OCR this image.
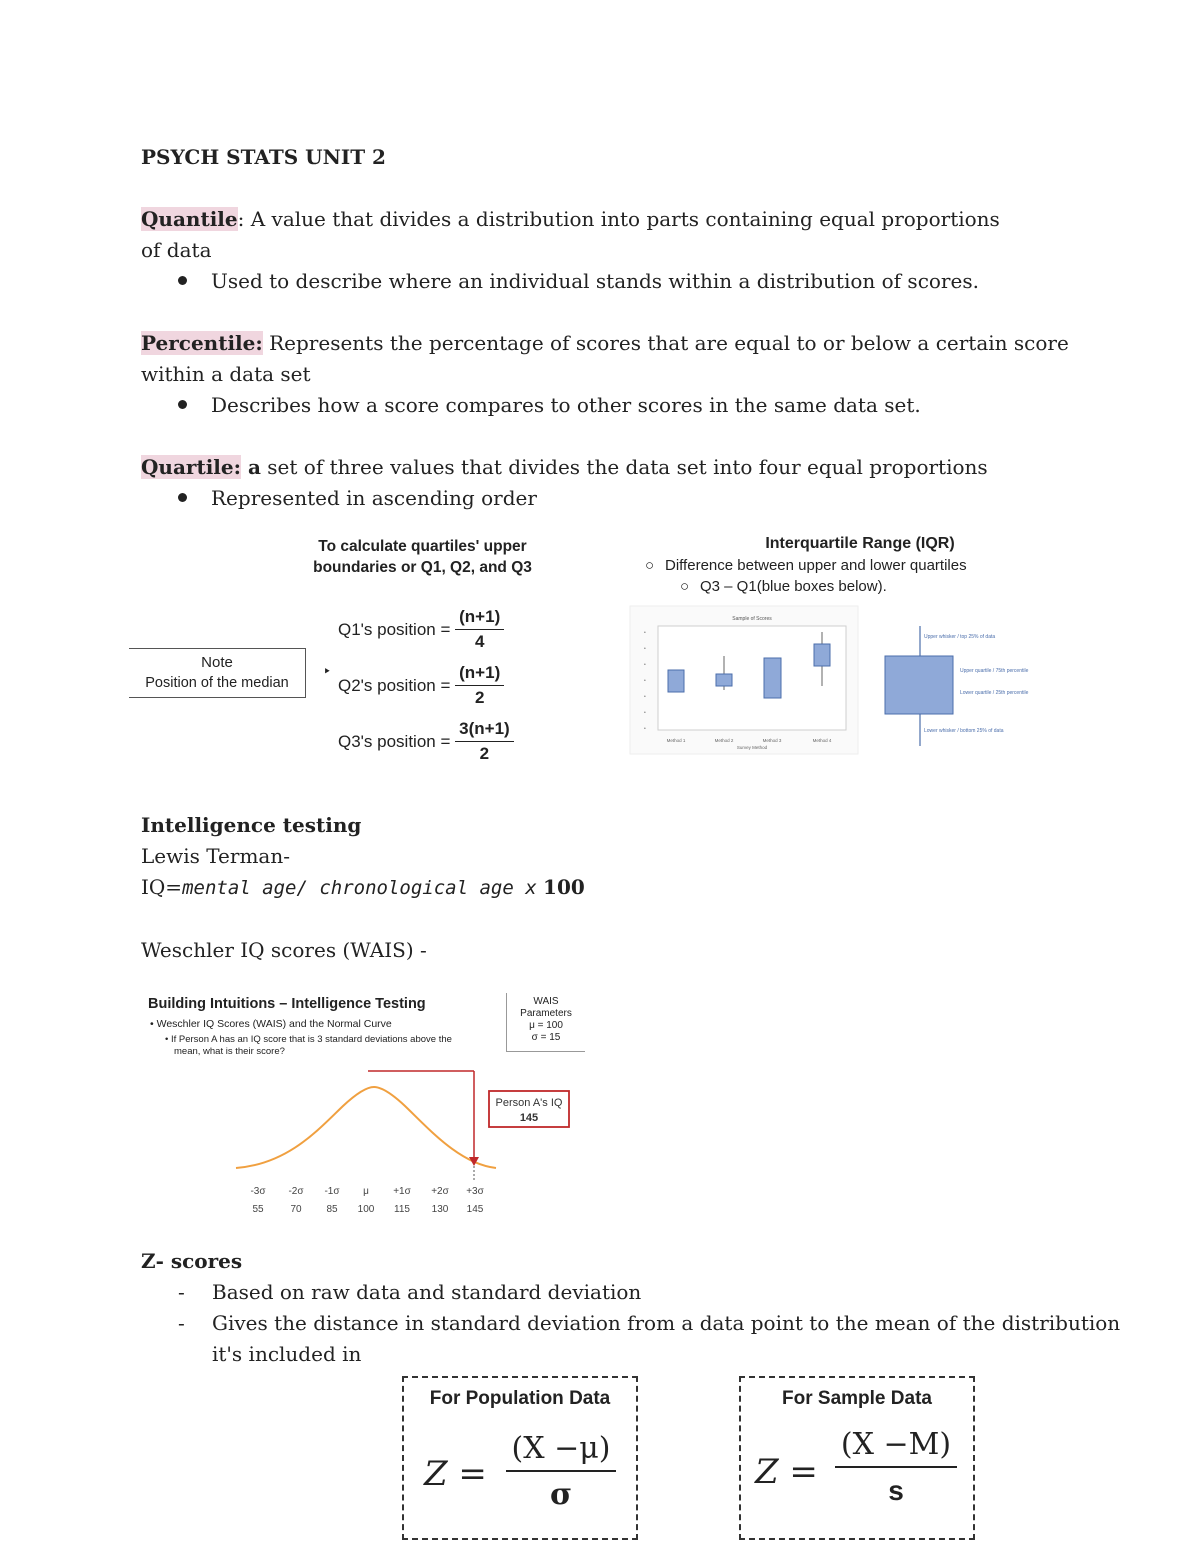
PSYCH STATS UNIT 2
Quantile: A value that divides a distribution into parts containing equal proportions
of data
Used to describe where an individual stands within a distribution of scores.
Percentile: Represents the percentage of scores that are equal to or below a certain score
within a data set
Describes how a score compares to other scores in the same data set.
Quartile: a set of three values that divides the data set into four equal proportions
Represented in ascending order
To calculate quartiles' upper
boundaries or Q1, Q2, and Q3
Note
Position of the median
‣
Q1's position = $\frac{(n+1)}{4}$
Q2's position = $\frac{(n+1)}{2}$
Q3's position = $\frac{3(n+1)}{2}$
Interquartile Range (IQR)
○ Difference between upper and lower quartiles
○ Q3 – Q1(blue boxes below).
Sample of Scores
•
•
•
•
•
•
•
Method 1	Method 2	Method 3	Method 4
Survey Method
Upper whisker / top 25% of data
Upper quartile / 75th percentile
Lower quartile / 25th percentile
Lower whisker / bottom 25% of data
Intelligence testing
Lewis Terman-
IQ=mental age/ chronological age x 100
Weschler IQ scores (WAIS) -
Building Intuitions – Intelligence Testing
• Weschler IQ Scores (WAIS) and the Normal Curve
• If Person A has an IQ score that is 3 standard deviations above the
mean, what is their score?
WAIS
Parameters
μ = 100
σ = 15
Person A's IQ
145
-3σ -2σ -1σ μ +1σ +2σ +3σ
55	70 85 100 115 130 145
Z- scores
- Based on raw data and standard deviation
- Gives the distance in standard deviation from a data point to the mean of the distribution
it's included in
For Population Data
$Z = \frac{(X -\mu)}{\sigma}$
For Sample Data
$Z = \frac{(X -M)}{s}$
